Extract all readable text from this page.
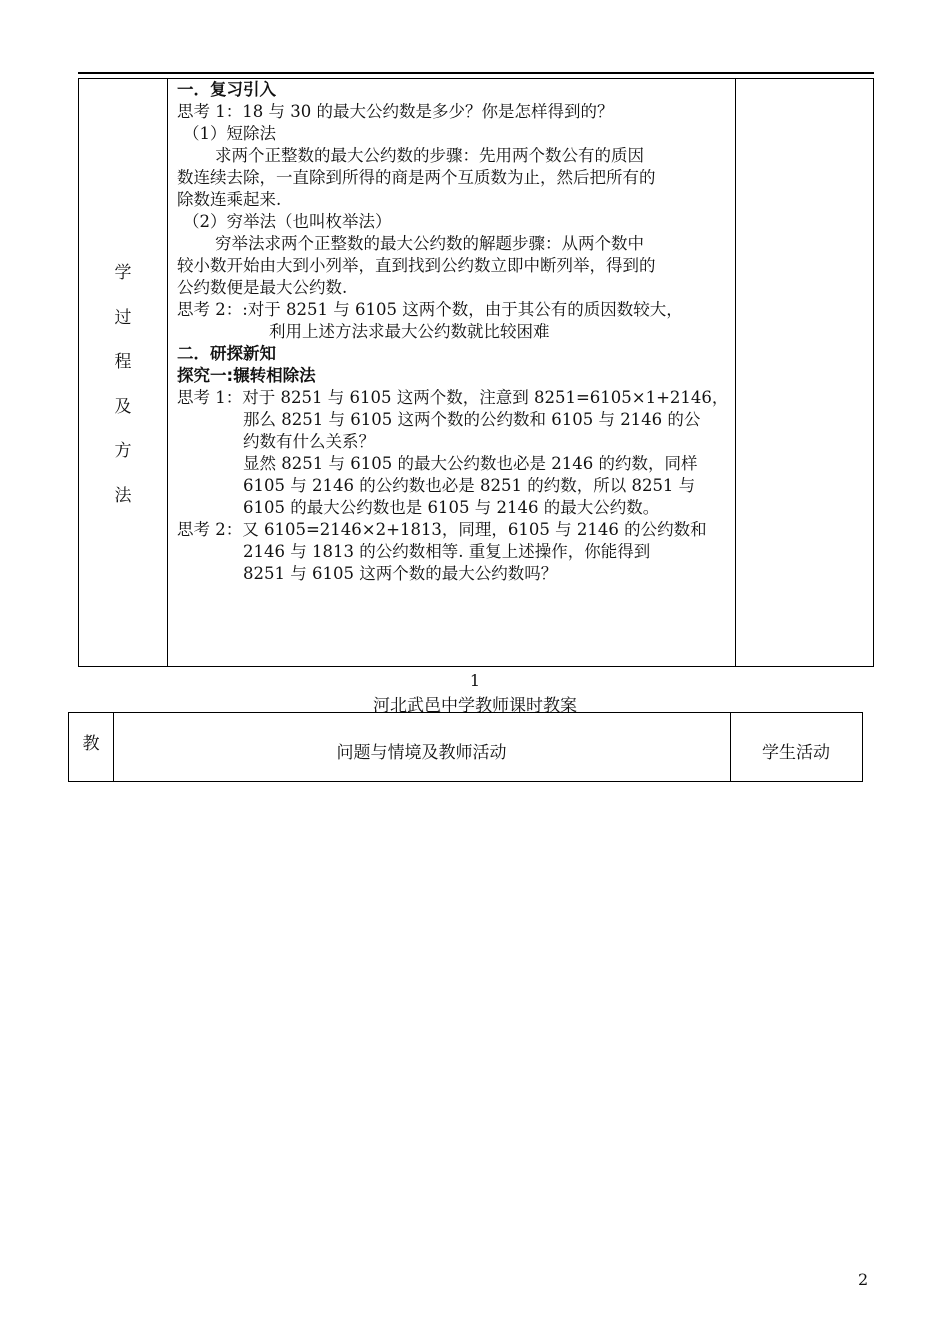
学
过
程
及
方
法

一．复习引入

思考 1：18 与 30 的最大公约数是多少？你是怎样得到的？

（1）短除法

求两个正整数的最大公约数的步骤：先用两个数公有的质因

数连续去除，一直除到所得的商是两个互质数为止，然后把所有的

除数连乘起来.

（2）穷举法（也叫枚举法）

穷举法求两个正整数的最大公约数的解题步骤：从两个数中

较小数开始由大到小列举，直到找到公约数立即中断列举，得到的

公约数便是最大公约数.

思考 2：:对于 8251 与 6105 这两个数，由于其公有的质因数较大，

利用上述方法求最大公约数就比较困难

二．研探新知

探究一:辗转相除法

思考 1：对于 8251 与 6105 这两个数，注意到 8251=6105×1+2146，

那么 8251 与 6105 这两个数的公约数和 6105 与 2146 的公

约数有什么关系？

显然 8251 与 6105 的最大公约数也必是 2146 的约数，同样

6105 与 2146 的公约数也必是 8251 的约数，所以 8251 与

6105 的最大公约数也是 6105 与 2146 的最大公约数。

思考 2：又 6105=2146×2+1813，同理，6105 与 2146 的公约数和

2146 与 1813 的公约数相等. 重复上述操作，你能得到

8251 与 6105 这两个数的最大公约数吗？

1
河北武邑中学教师课时教案
教	问题与情境及教师活动	学生活动
2
